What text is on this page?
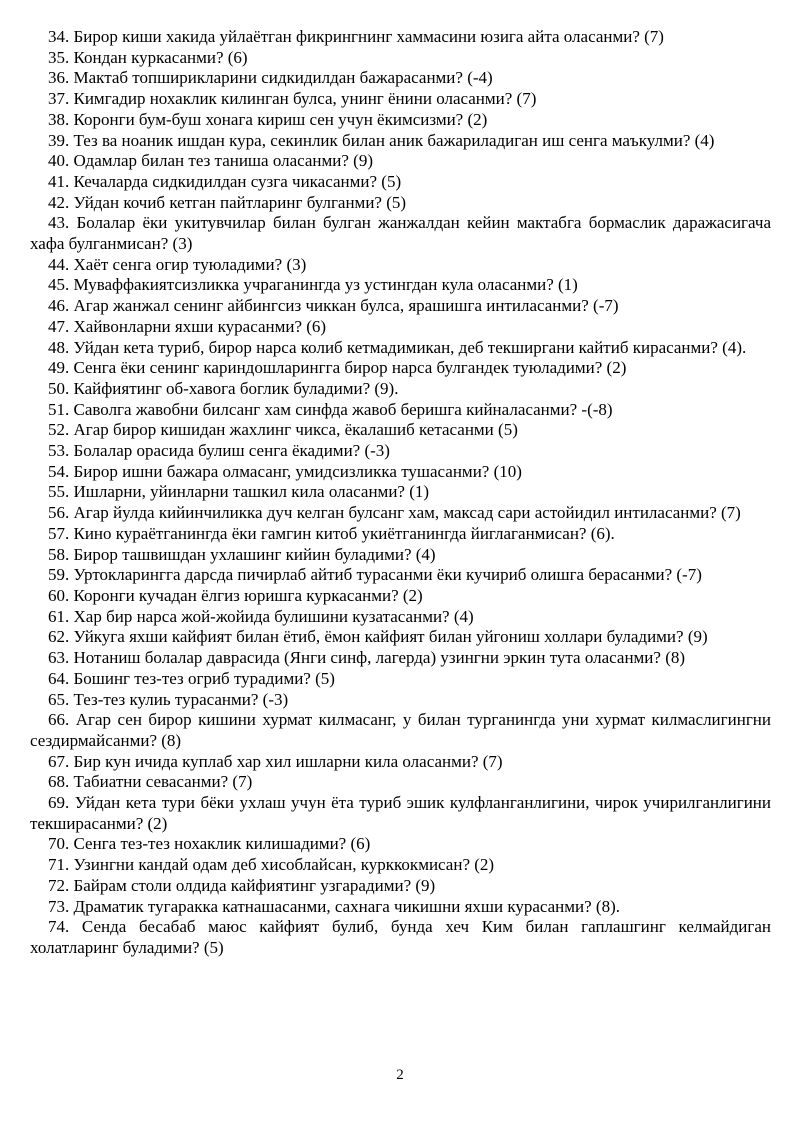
34. Бирор киши хакида уйлаётган фикрингнинг хаммасини юзига айта оласанми? (7)

35. Кондан куркасанми? (6)

36. Мактаб топширикларини сидкидилдан бажарасанми? (-4)

37. Кимгадир нохаклик килинган булса, унинг ёнини оласанми? (7)

38. Коронги бум-буш хонага кириш сен учун ёкимсизми? (2)

39. Тез ва ноаник ишдан кура, секинлик билан аник бажариладиган иш сенга маъкулми? (4)

40. Одамлар билан тез таниша оласанми? (9)

41. Кечаларда сидкидилдан сузга чикасанми? (5)

42. Уйдан кочиб кетган пайтларинг булганми? (5)

43. Болалар ёки укитувчилар билан булган жанжалдан кейин мактабга бормаслик даражасигача хафа булганмисан? (3)

44. Хаёт сенга огир туюладими? (3)

45. Муваффакиятсизликка учраганингда уз устингдан кула оласанми? (1)

46. Агар жанжал сенинг айбингсиз чиккан булса, ярашишга интиласанми? (-7)

47. Хайвонларни яхши курасанми? (6)

48. Уйдан кета туриб, бирор нарса колиб кетмадимикан, деб текширгани кайтиб кирасанми? (4).

49. Сенга ёки сенинг кариндошларингга бирор нарса булгандек туюладими? (2)

50. Кайфиятинг об-хавога боглик буладими? (9).

51. Саволга жавобни билсанг хам синфда жавоб беришга кийналасанми? -(-8)

52. Агар бирор кишидан жахлинг чикса, ёкалашиб кетасанми (5)

53. Болалар орасида булиш сенга ёкадими? (-3)

54. Бирор ишни бажара олмасанг, умидсизликка тушасанми? (10)

55. Ишларни, уйинларни ташкил кила оласанми? (1)

56. Агар йулда кийинчиликка дуч келган булсанг хам, максад сари астойидил интиласанми? (7)

57. Кино кураётганингда ёки гамгин китоб укиётганингда йиглаганмисан? (6).

58. Бирор ташвишдан ухлашинг кийин буладими? (4)

59. Уртокларингга дарсда пичирлаб айтиб турасанми ёки кучириб олишга берасанми? (-7)

60. Коронги кучадан ёлгиз юришга куркасанми? (2)

61. Хар бир нарса жой-жойида булишини кузатасанми? (4)

62. Уйкуга яхши кайфият билан ётиб, ёмон кайфият билан уйгониш холлари буладими? (9)

63. Нотаниш болалар даврасида (Янги синф, лагерда) узингни эркин тута оласанми? (8)

64. Бошинг тез-тез огриб турадими? (5)

65. Тез-тез кулиь турасанми? (-3)

66. Агар сен бирор кишини хурмат килмасанг, у билан турганингда уни хурмат килмаслигингни сездирмайсанми? (8)

67. Бир кун ичида куплаб хар хил ишларни кила оласанми? (7)

68. Табиатни севасанми? (7)

69. Уйдан кета тури бёки ухлаш учун ёта туриб эшик кулфланганлигини, чирок учирилганлигини текширасанми? (2)

70. Сенга тез-тез нохаклик килишадими? (6)

71. Узингни кандай одам деб хисоблайсан, курккокмисан? (2)

72. Байрам столи олдида кайфиятинг узгарадими? (9)

73. Драматик тугаракка катнашасанми, сахнага чикишни яхши курасанми? (8).

74. Сенда бесабаб маюс кайфият булиб, бунда хеч Ким билан гаплашгинг келмайдиган холатларинг буладими? (5)

2
